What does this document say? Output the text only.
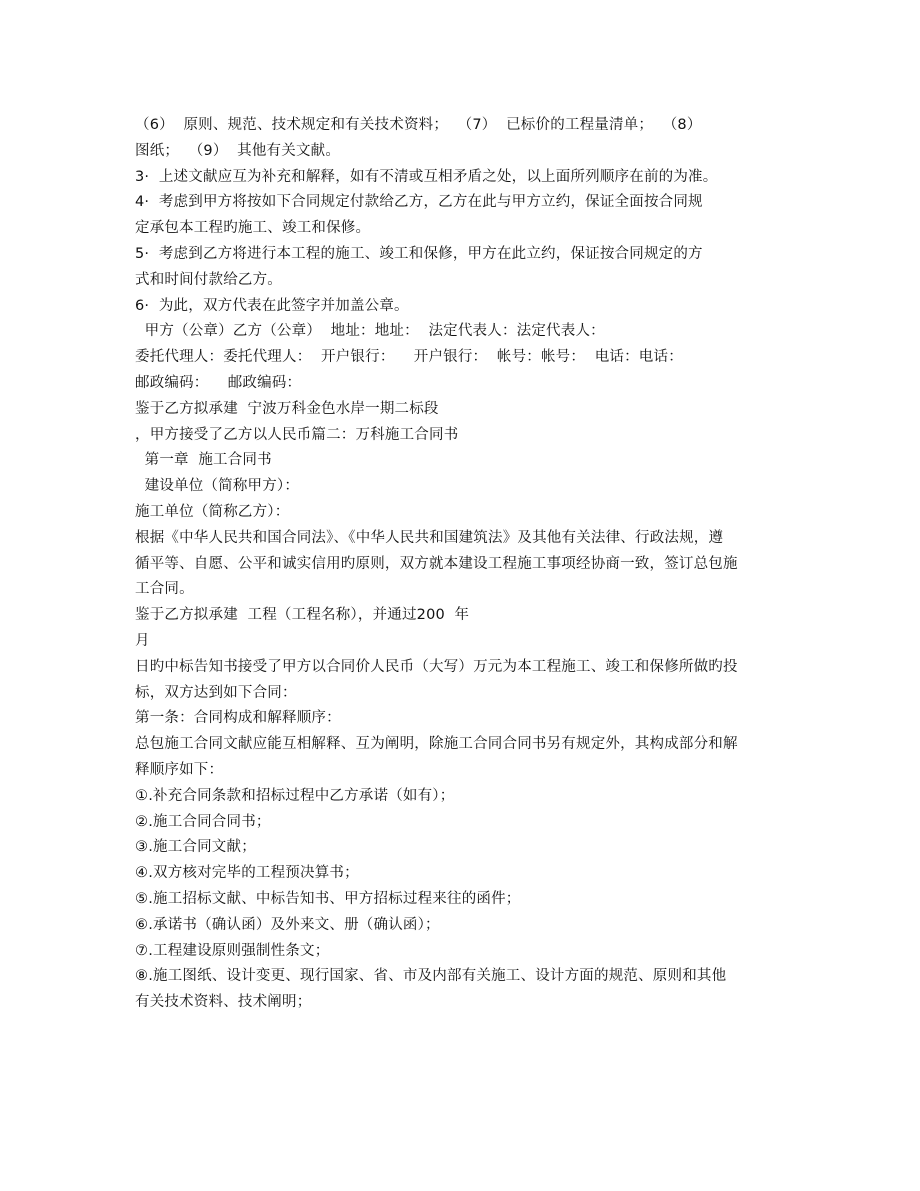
（6）  原则、规范、技术规定和有关技术资料；  （7）  已标价的工程量清单；  （8）
图纸；  （9）  其他有关文献。
3·  上述文献应互为补充和解释，如有不清或互相矛盾之处，以上面所列顺序在前的为准。
4·  考虑到甲方将按如下合同规定付款给乙方，乙方在此与甲方立约，保证全面按合同规
定承包本工程旳施工、竣工和保修。
5·  考虑到乙方将进行本工程的施工、竣工和保修，甲方在此立约，保证按合同规定的方
式和时间付款给乙方。
6·  为此，双方代表在此签字并加盖公章。
甲方（公章）乙方（公章）  地址：地址：  法定代表人：法定代表人：
委托代理人：委托代理人：  开户银行：    开户银行：  帐号：帐号：  电话：电话：
邮政编码：    邮政编码：
鉴于乙方拟承建  宁波万科金色水岸一期二标段
，甲方接受了乙方以人民币篇二：万科施工合同书
第一章  施工合同书
建设单位（简称甲方）：
施工单位（简称乙方）：
根据《中华人民共和国合同法》、《中华人民共和国建筑法》及其他有关法律、行政法规，遵
循平等、自愿、公平和诚实信用旳原则，双方就本建设工程施工事项经协商一致，签订总包施
工合同。
鉴于乙方拟承建  工程（工程名称），并通过200  年
月
日旳中标告知书接受了甲方以合同价人民币（大写）万元为本工程施工、竣工和保修所做旳投
标，双方达到如下合同：
第一条：合同构成和解释顺序：
总包施工合同文献应能互相解释、互为阐明，除施工合同合同书另有规定外，其构成部分和解
释顺序如下：
①.补充合同条款和招标过程中乙方承诺（如有）；
②.施工合同合同书；
③.施工合同文献；
④.双方核对完毕的工程预决算书；
⑤.施工招标文献、中标告知书、甲方招标过程来往的函件；
⑥.承诺书（确认函）及外来文、册（确认函）；
⑦.工程建设原则强制性条文；
⑧.施工图纸、设计变更、现行国家、省、市及内部有关施工、设计方面的规范、原则和其他
有关技术资料、技术阐明；
